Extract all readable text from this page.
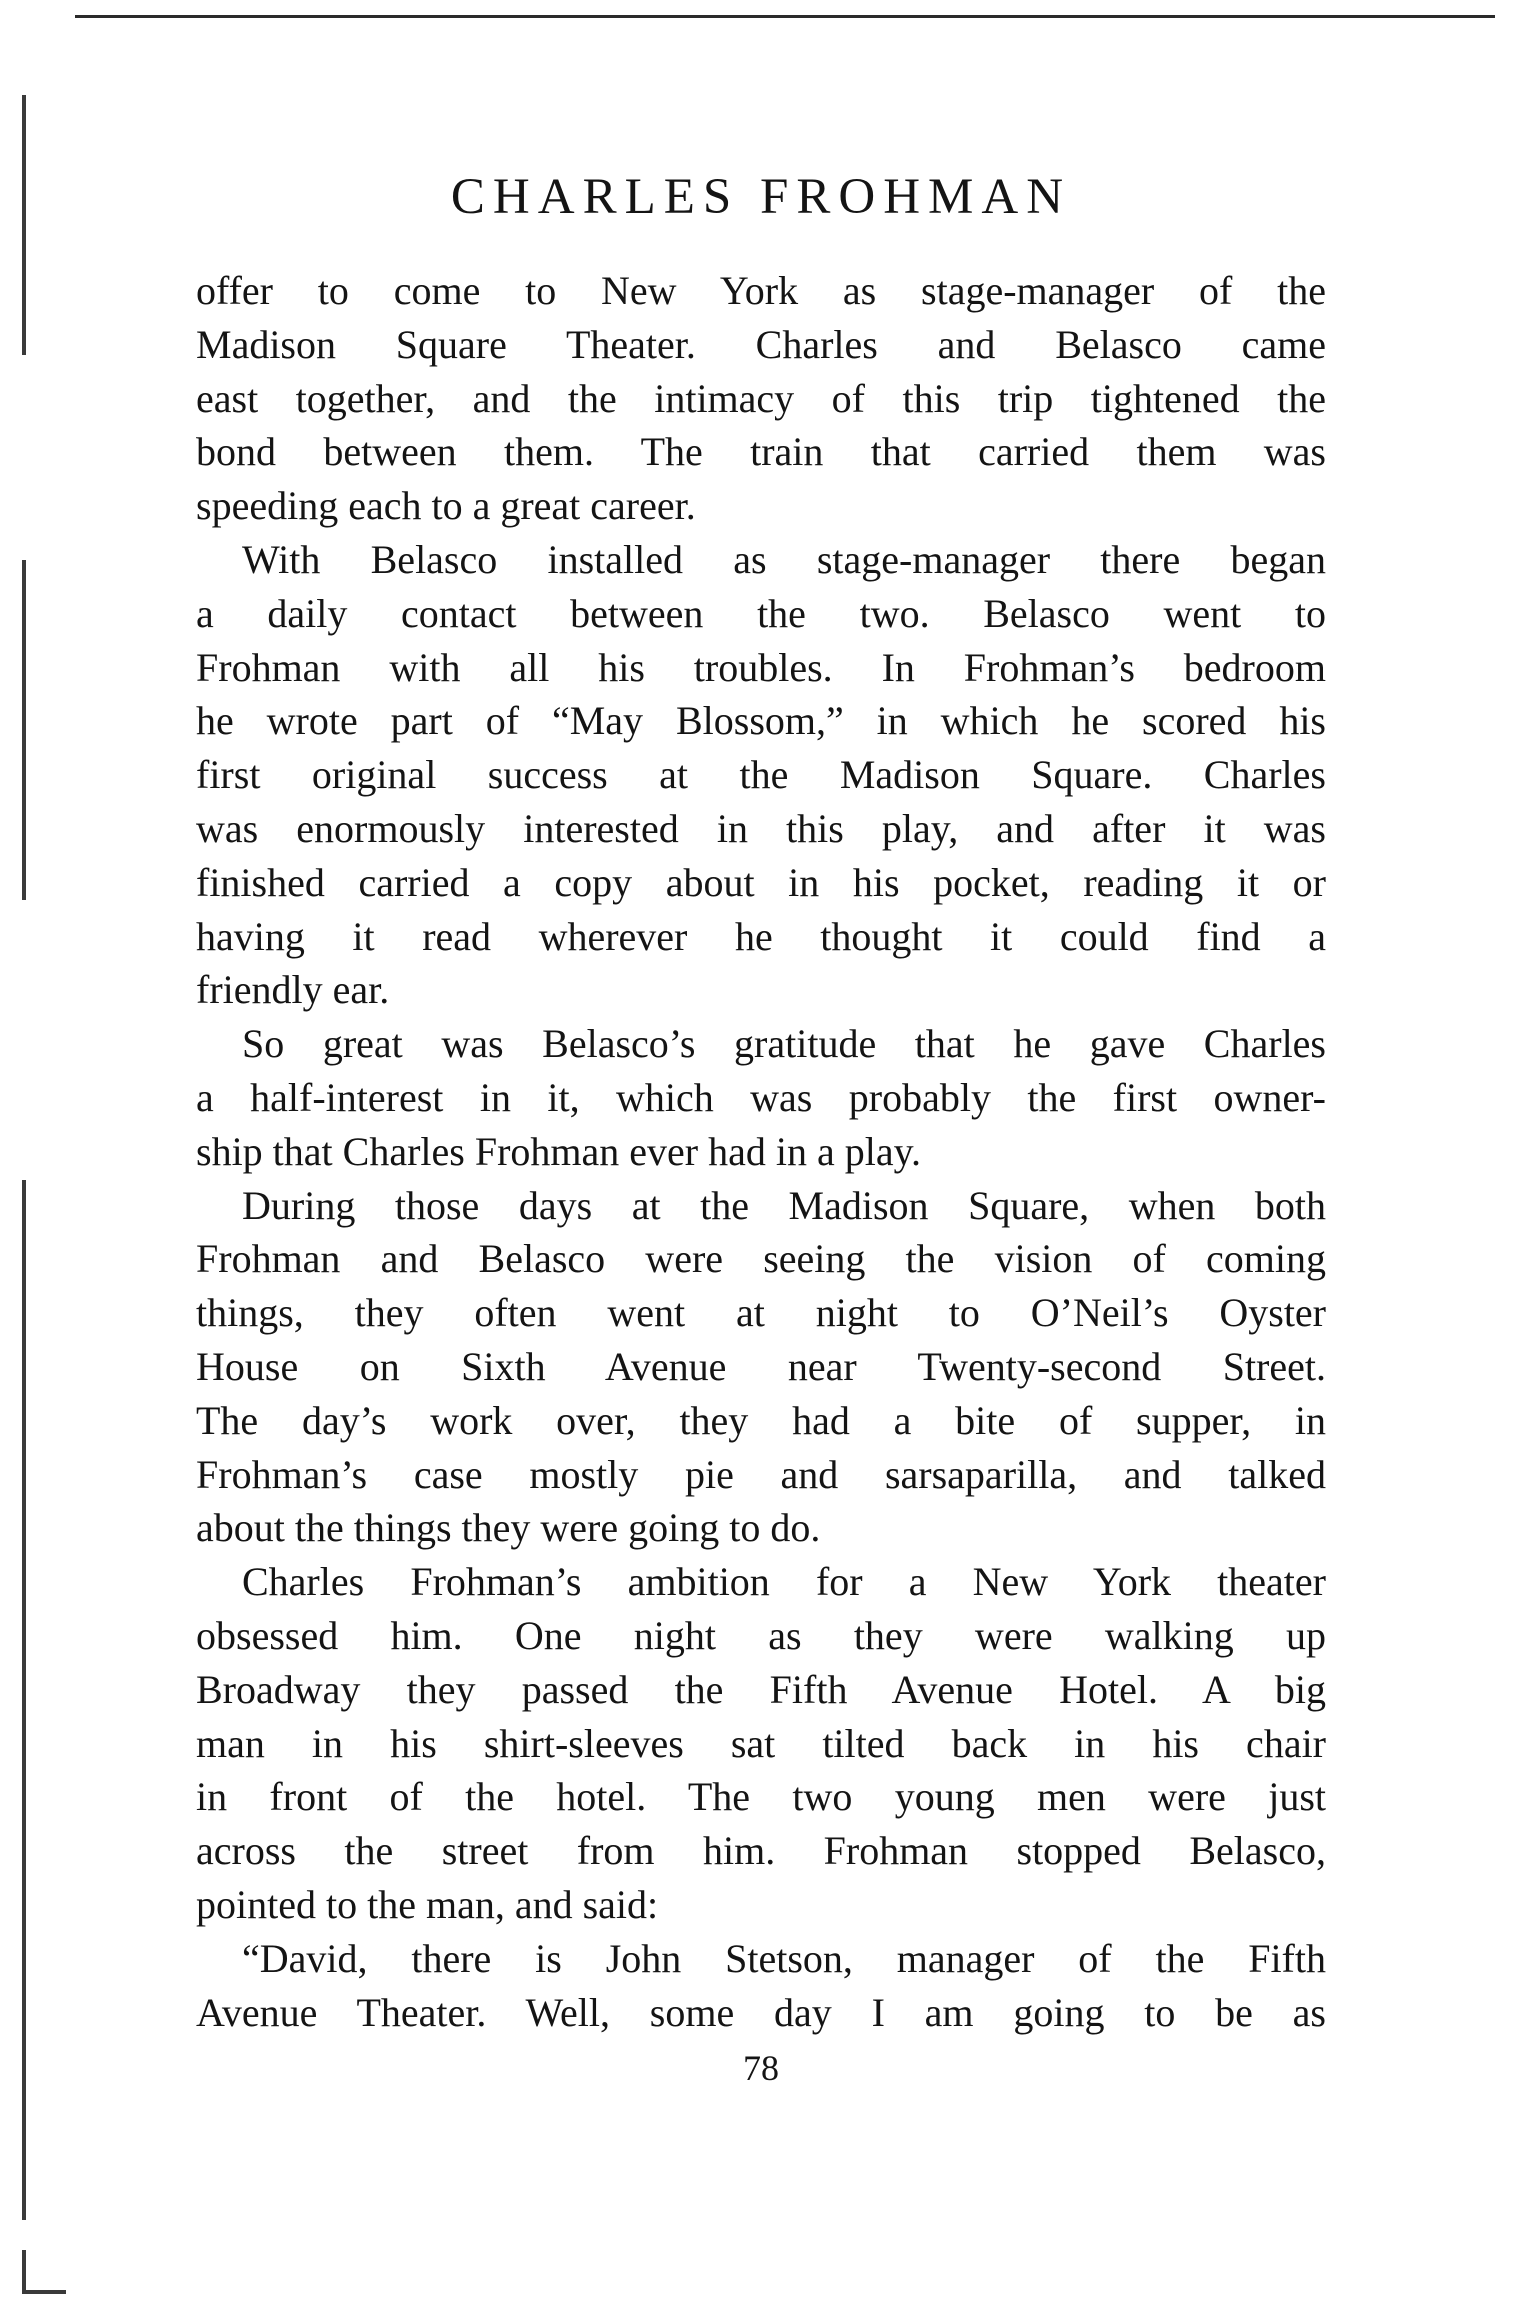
CHARLES FROHMAN
offer to come to New York as stage-manager of the
Madison Square Theater. Charles and Belasco came
east together, and the intimacy of this trip tightened the
bond between them. The train that carried them was
speeding each to a great career.
With Belasco installed as stage-manager there began
a daily contact between the two. Belasco went to
Frohman with all his troubles. In Frohman’s bedroom
he wrote part of “May Blossom,” in which he scored his
first original success at the Madison Square. Charles
was enormously interested in this play, and after it was
finished carried a copy about in his pocket, reading it or
having it read wherever he thought it could find a
friendly ear.
So great was Belasco’s gratitude that he gave Charles
a half-interest in it, which was probably the first owner-
ship that Charles Frohman ever had in a play.
During those days at the Madison Square, when both
Frohman and Belasco were seeing the vision of coming
things, they often went at night to O’Neil’s Oyster
House on Sixth Avenue near Twenty-second Street.
The day’s work over, they had a bite of supper, in
Frohman’s case mostly pie and sarsaparilla, and talked
about the things they were going to do.
Charles Frohman’s ambition for a New York theater
obsessed him. One night as they were walking up
Broadway they passed the Fifth Avenue Hotel. A big
man in his shirt-sleeves sat tilted back in his chair
in front of the hotel. The two young men were just
across the street from him. Frohman stopped Belasco,
pointed to the man, and said:
“David, there is John Stetson, manager of the Fifth
Avenue Theater. Well, some day I am going to be as
78
